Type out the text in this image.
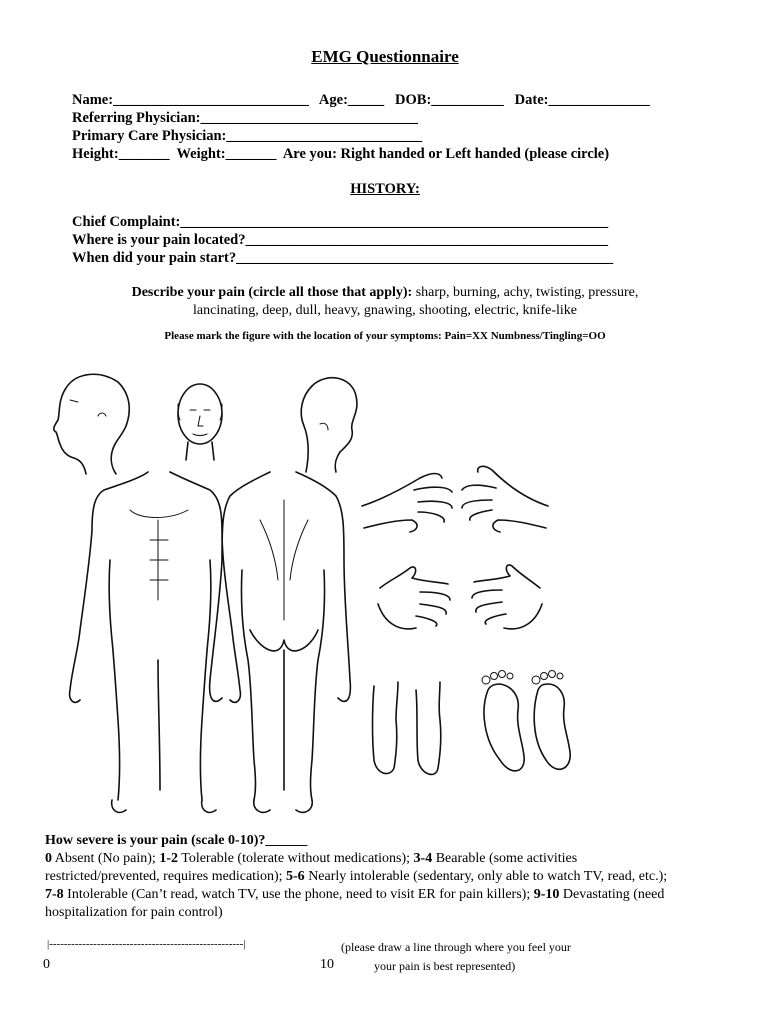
EMG Questionnaire
Name:___________________________ Age:_____ DOB:__________ Date:______________
Referring Physician:______________________________
Primary Care Physician:___________________________
Height:_______ Weight:_______ Are you: Right handed or Left handed (please circle)
HISTORY:
Chief Complaint:___________________________________________________________
Where is your pain located?__________________________________________________
When did your pain start?____________________________________________________
Describe your pain (circle all those that apply): sharp, burning, achy, twisting, pressure,
lancinating, deep, dull, heavy, gnawing, shooting, electric, knife-like
Please mark the figure with the location of your symptoms: Pain=XX Numbness/Tingling=OO
How severe is your pain (scale 0-10)?______
0 Absent (No pain); 1-2 Tolerable (tolerate without medications); 3-4 Bearable (some activities
restricted/prevented, requires medication); 5-6 Nearly intolerable (sedentary, only able to watch TV, read, etc.);
7-8 Intolerable (Can’t read, watch TV, use the phone, need to visit ER for pain killers); 9-10 Devastating (need
hospitalization for pain control)
|-----------------------------------------------------|	(please draw a line through where you feel your
0	10	your pain is best represented)
